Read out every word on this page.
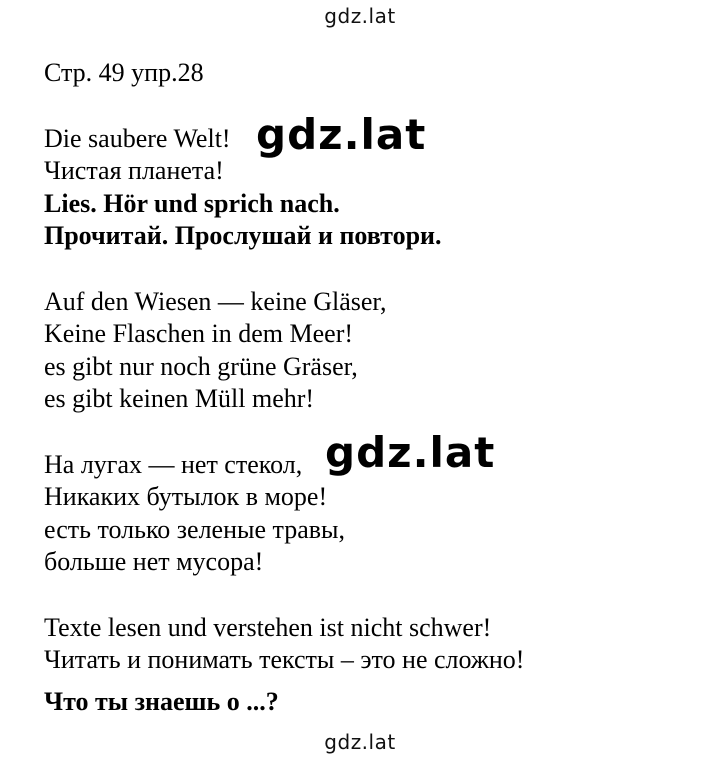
gdz.lat
Стр. 49 упр.28
Die saubere Welt!
Чистая планета!
Lies. Hör und sprich nach.
Прочитай. Прослушай и повтори.
Auf den Wiesen — keine Gläser,
Keine Flaschen in dem Meer!
es gibt nur noch grüne Gräser,
es gibt keinen Müll mehr!
На лугах — нет стекол,
Никаких бутылок в море!
есть только зеленые травы,
больше нет мусора!
Texte lesen und verstehen ist nicht schwer!
Читать и понимать тексты – это не сложно!
Что ты знаешь о ...?
gdz.lat
gdz.lat
gdz.lat
